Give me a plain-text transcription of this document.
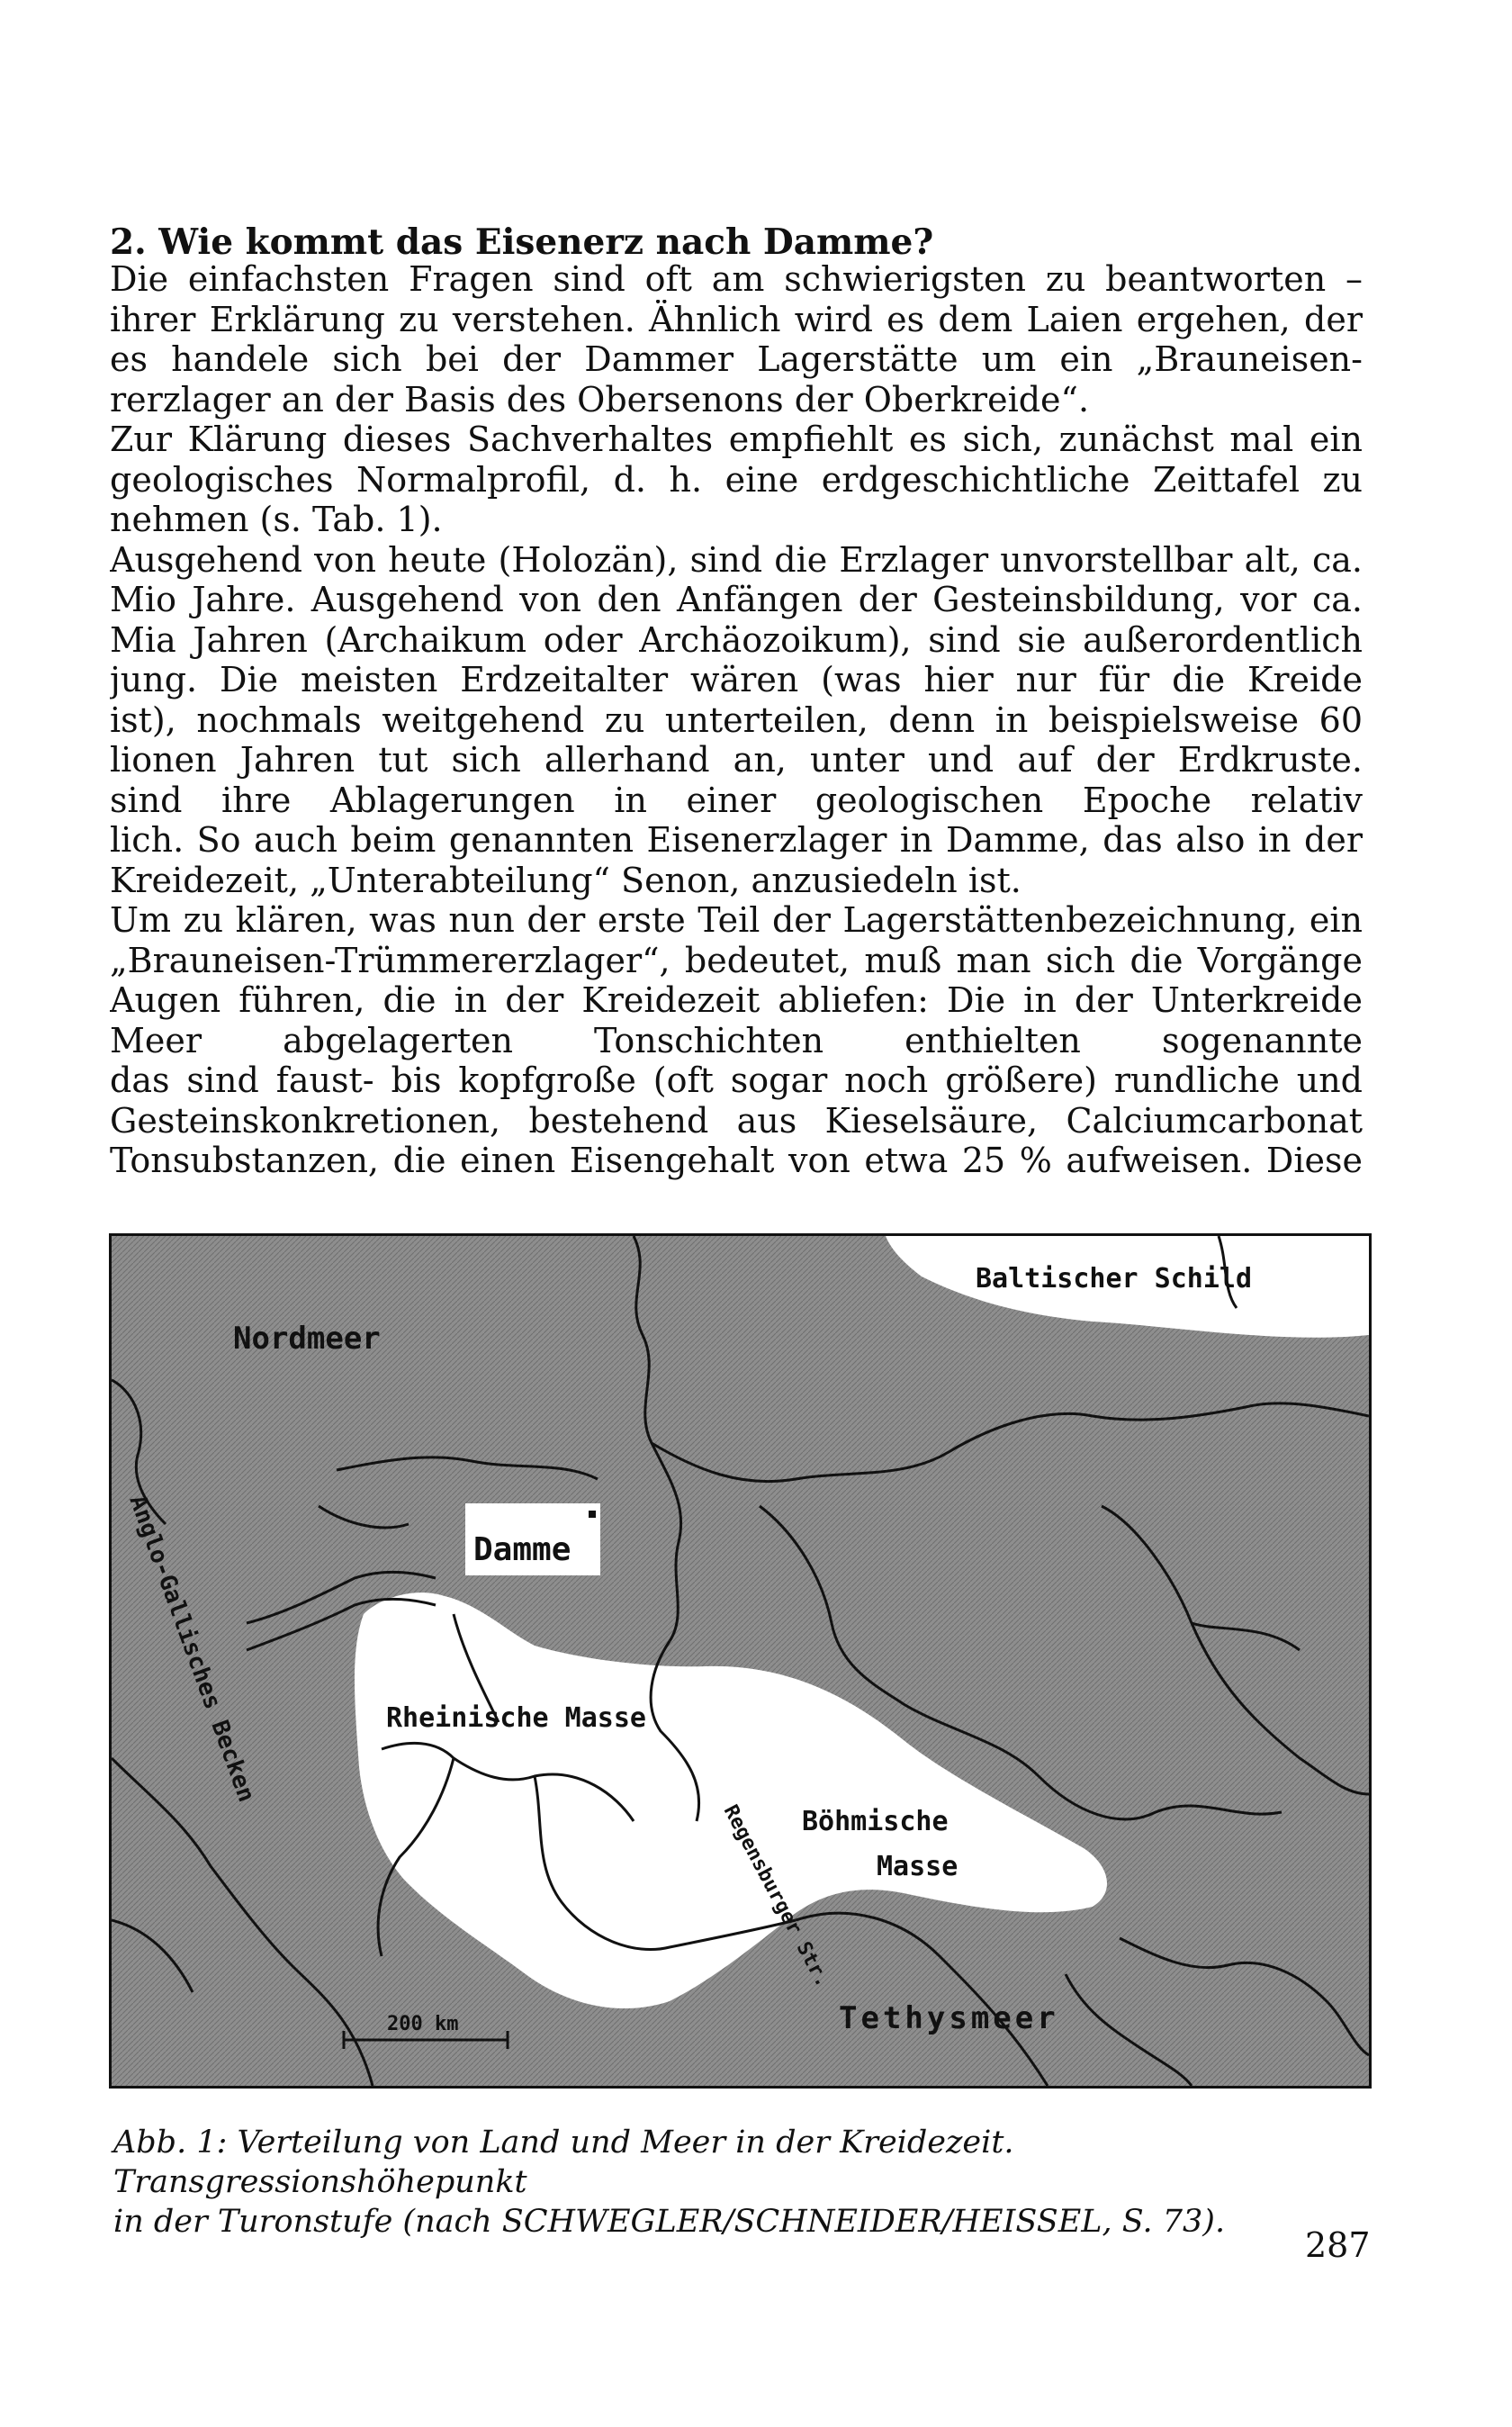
2. Wie kommt das Eisenerz nach Damme?
Die einfachsten Fragen sind oft am schwierigsten zu beantworten –
ihrer Erklärung zu verstehen. Ähnlich wird es dem Laien ergehen, der
es handele sich bei der Dammer Lagerstätte um ein „Brauneisen-
rerzlager an der Basis des Obersenons der Oberkreide“.
Zur Klärung dieses Sachverhaltes empfiehlt es sich, zunächst mal ein
geologisches Normalprofil, d. h. eine erdgeschichtliche Zeittafel zu
nehmen (s. Tab. 1).
Ausgehend von heute (Holozän), sind die Erzlager unvorstellbar alt, ca.
Mio Jahre. Ausgehend von den Anfängen der Gesteinsbildung, vor ca.
Mia Jahren (Archaikum oder Archäozoikum), sind sie außerordentlich
jung. Die meisten Erdzeitalter wären (was hier nur für die Kreide
ist), nochmals weitgehend zu unterteilen, denn in beispielsweise 60
lionen Jahren tut sich allerhand an, unter und auf der Erdkruste.
sind ihre Ablagerungen in einer geologischen Epoche relativ
lich. So auch beim genannten Eisenerzlager in Damme, das also in der
Kreidezeit, „Unterabteilung“ Senon, anzusiedeln ist.
Um zu klären, was nun der erste Teil der Lagerstättenbezeichnung, ein
„Brauneisen-Trümmererzlager“, bedeutet, muß man sich die Vorgänge
Augen führen, die in der Kreidezeit abliefen: Die in der Unterkreide
Meer abgelagerten Tonschichten enthielten sogenannte
das sind faust- bis kopfgroße (oft sogar noch größere) rundliche und
Gesteinskonkretionen, bestehend aus Kieselsäure, Calciumcarbonat
Tonsubstanzen, die einen Eisengehalt von etwa 25 % aufweisen. Diese
Baltischer Schild
Nordmeer
Anglo-Gallisches Becken	Damme
Rheinische Masse
Böhmische
Masse
Regensburger Str.
Tethysmeer
200 km
Abb. 1: Verteilung von Land und Meer in der Kreidezeit. Transgressionshöhepunkt
in der Turonstufe (nach SCHWEGLER/SCHNEIDER/HEISSEL, S. 73).
287
